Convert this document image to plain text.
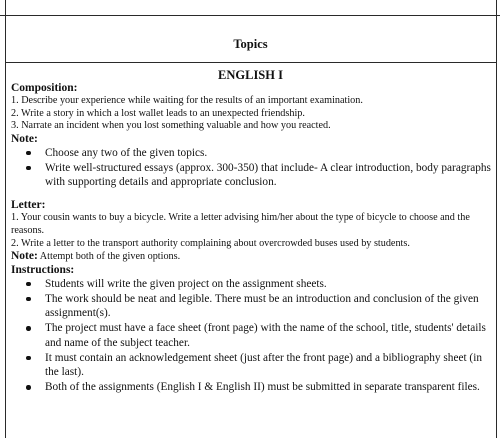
Topics
ENGLISH I
Composition:
1. Describe your experience while waiting for the results of an important examination.
2. Write a story in which a lost wallet leads to an unexpected friendship.
3. Narrate an incident when you lost something valuable and how you reacted.
Note:
Choose any two of the given topics.
Write well-structured essays (approx. 300-350) that include- A clear introduction, body paragraphs with supporting details and appropriate conclusion.
Letter:
1. Your cousin wants to buy a bicycle. Write a letter advising him/her about the type of bicycle to choose and the reasons.
2. Write a letter to the transport authority complaining about overcrowded buses used by students.
Note: Attempt both of the given options.
Instructions:
Students will write the given project on the assignment sheets.
The work should be neat and legible. There must be an introduction and conclusion of the given assignment(s).
The project must have a face sheet (front page) with the name of the school, title, students' details and name of the subject teacher.
It must contain an acknowledgement sheet (just after the front page) and a bibliography sheet (in the last).
Both of the assignments (English I & English II) must be submitted in separate transparent files.
